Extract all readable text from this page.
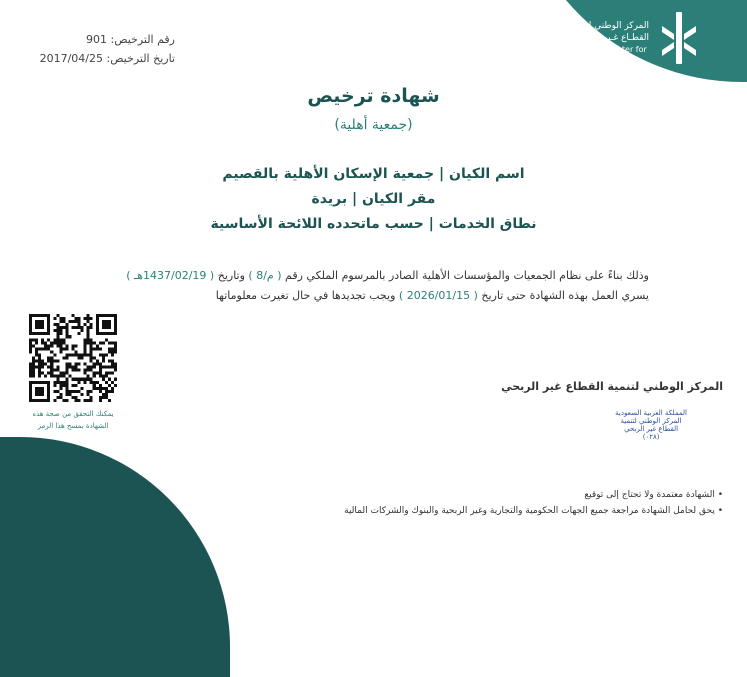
المركز الوطني لتنمية
القطـاع غـير الربحـي
National Center for
Non–Profit Sector
رقم الترخيص: 901
تاريخ الترخيص: 2017/04/25
شهادة ترخيص
(جمعية أهلية)
اسم الكيان | جمعية الإسكان الأهلية بالقصيم
مقر الكيان | بريدة
نطاق الخدمات | حسب ماتحدده اللائحة الأساسية
وذلك بناءً على نظام الجمعيات والمؤسسات الأهلية الصادر بالمرسوم الملكي رقم ( م/8 ) وتاريخ ( 1437/02/19هـ )
يسري العمل بهذه الشهادة حتى تاريخ ( 2026/01/15 ) ويجب تجديدها في حال تغيرت معلوماتها
يمكنك التحقق من صحة هذه
الشهادة بمسح هذا الرمز
المركز الوطني لتنمية القطاع غير الربحي
المملكة العربية السعودية
المركز الوطني لتنمية
القطاع غير الربحي
(٠٢٨)
• الشهادة معتمدة ولا تحتاج إلى توقيع
• يحق لحامل الشهادة مراجعة جميع الجهات الحكومية والتجارية وغير الربحية والبنوك والشركات المالية
